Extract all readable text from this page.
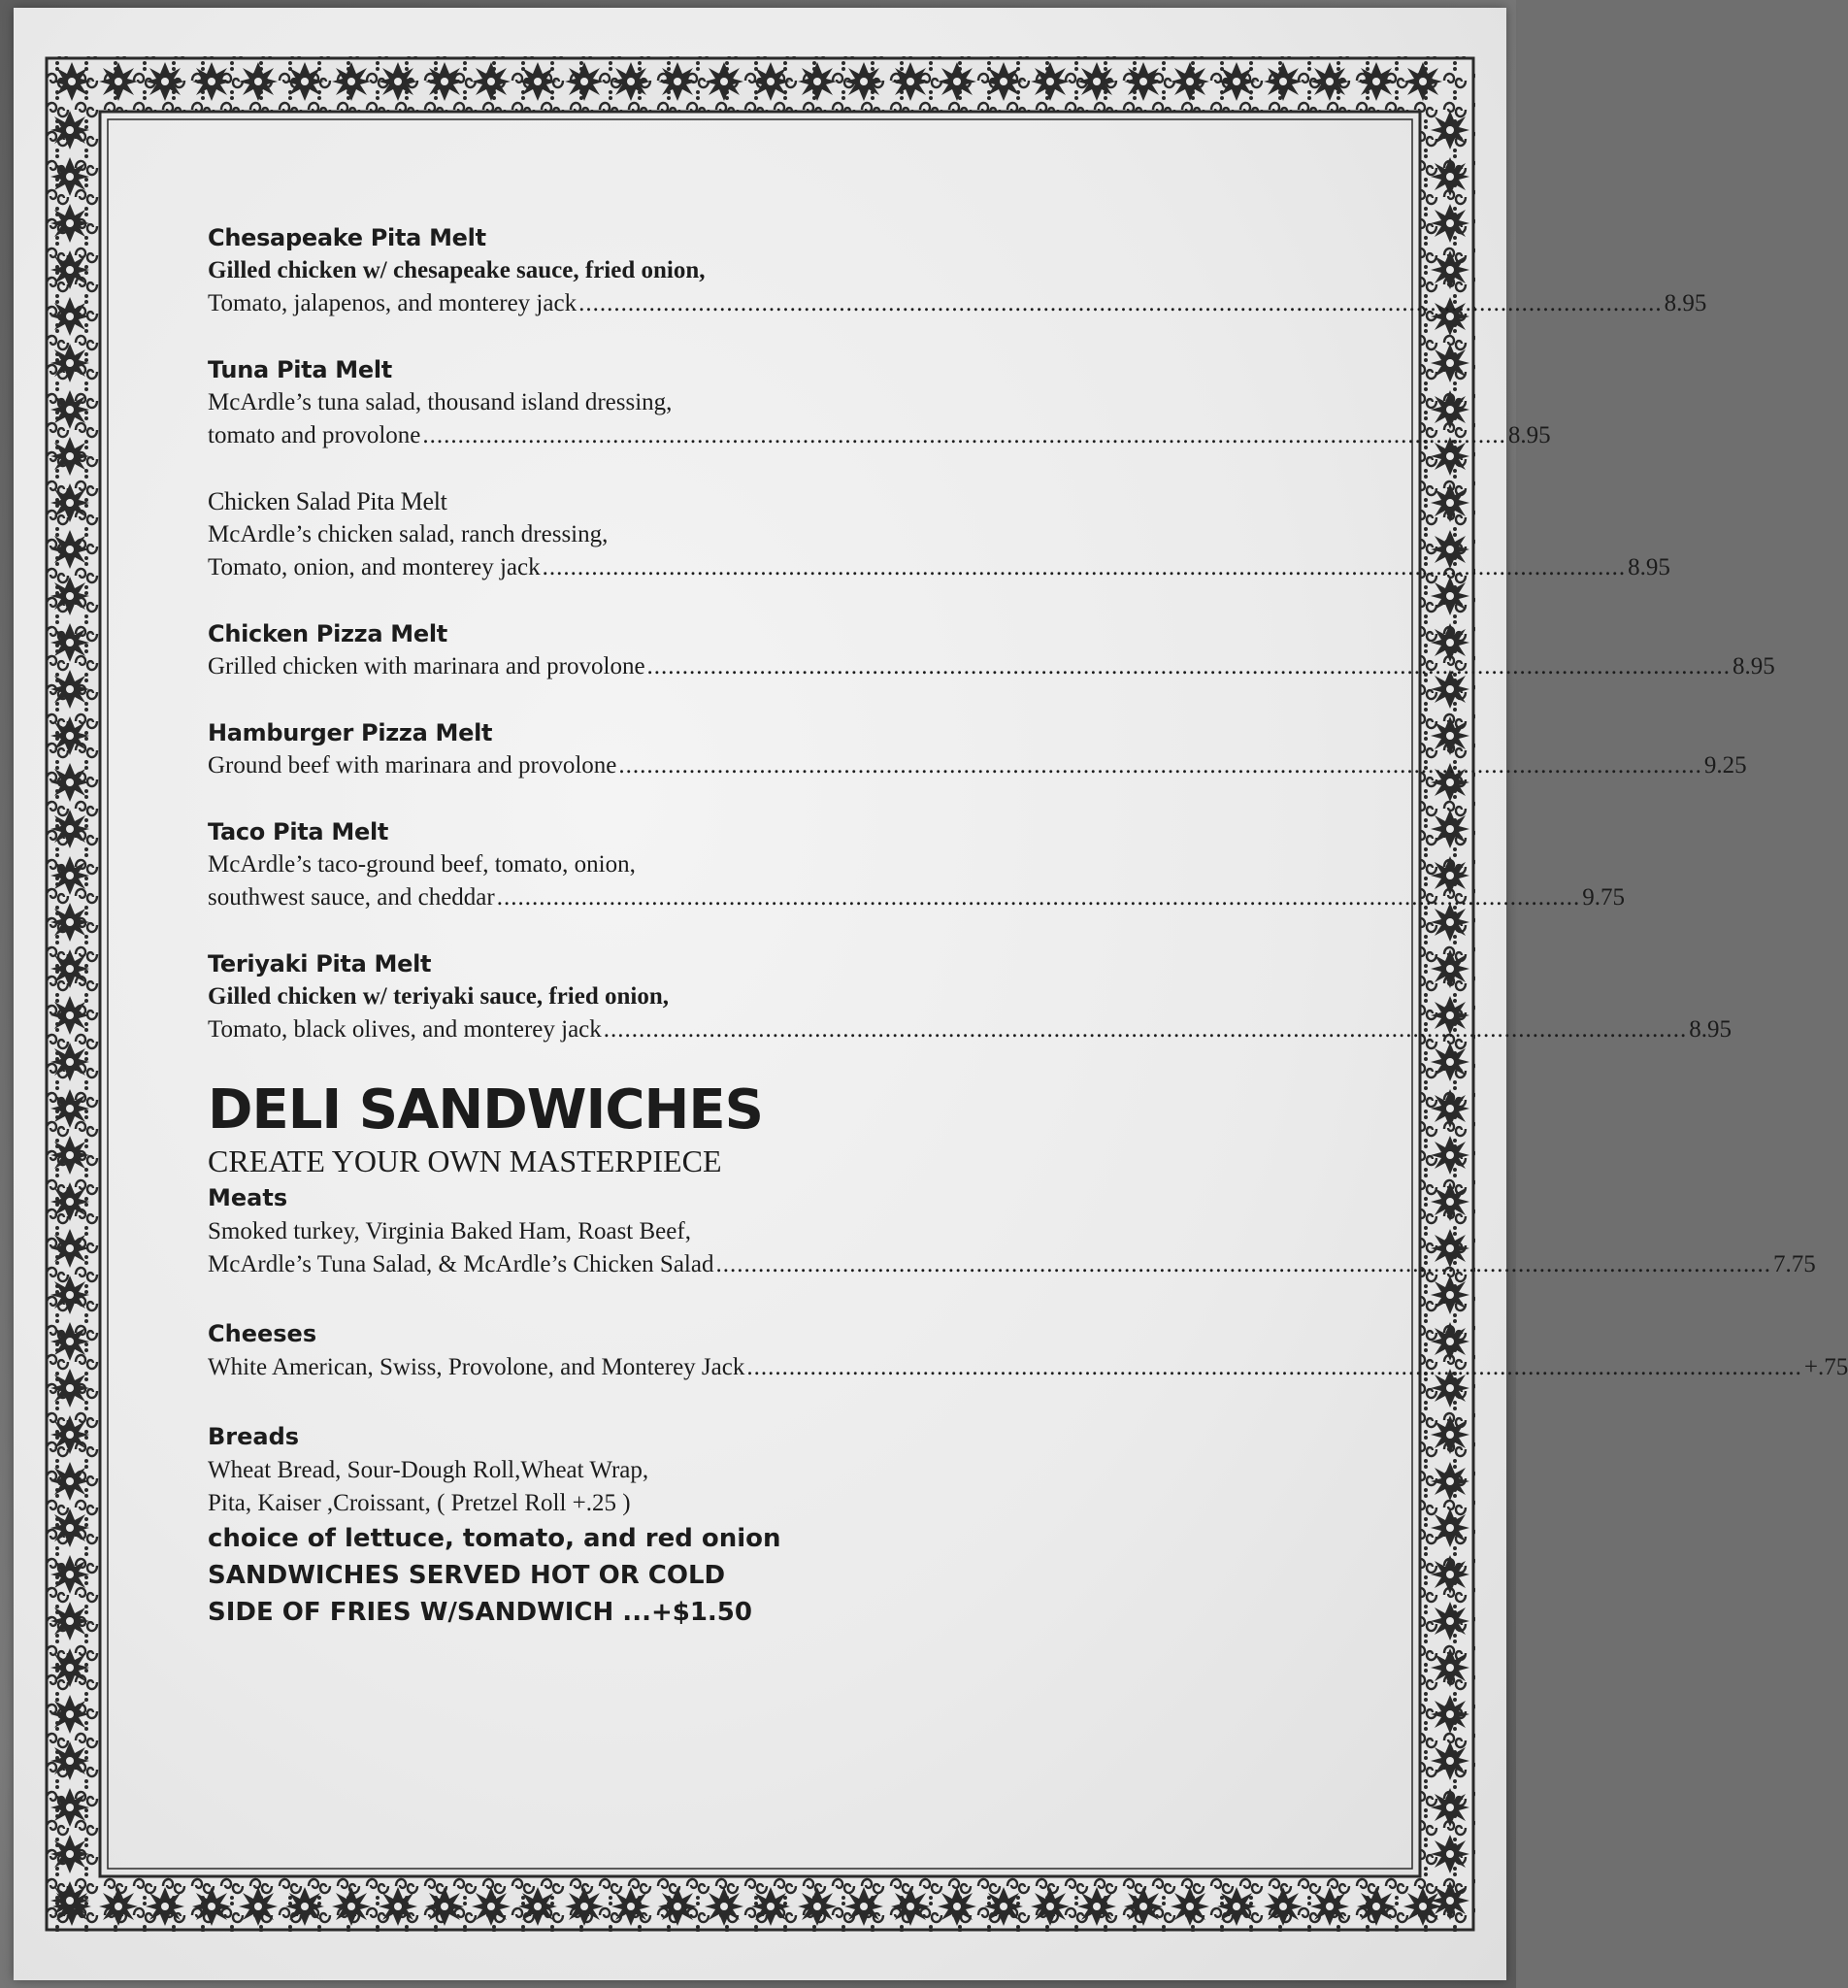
Chesapeake Pita Melt
Gilled chicken w/ chesapeake sauce, fried onion,
Tomato, jalapenos, and monterey jack .......................................................................................................................................................... 8.95
Tuna Pita Melt
McArdle’s tuna salad, thousand island dressing,
tomato and provolone .......................................................................................................................................................... 8.95
Chicken Salad Pita Melt
McArdle’s chicken salad, ranch dressing,
Tomato, onion, and monterey jack .......................................................................................................................................................... 8.95
Chicken Pizza Melt
Grilled chicken with marinara and provolone .......................................................................................................................................................... 8.95
Hamburger Pizza Melt
Ground beef with marinara and provolone .......................................................................................................................................................... 9.25
Taco Pita Melt
McArdle’s taco-ground beef, tomato, onion,
southwest sauce, and cheddar .......................................................................................................................................................... 9.75
Teriyaki Pita Melt
Gilled chicken w/ teriyaki sauce, fried onion,
Tomato, black olives, and monterey jack .......................................................................................................................................................... 8.95
DELI SANDWICHES
CREATE YOUR OWN MASTERPIECE
Meats
Smoked turkey, Virginia Baked Ham, Roast Beef,
McArdle’s Tuna Salad, & McArdle’s Chicken Salad ...................................................................................................................................................... 7.75
Cheeses
White American, Swiss, Provolone, and Monterey Jack ...................................................................................................................................................... +.75
Breads
Wheat Bread, Sour-Dough Roll,Wheat Wrap,
Pita, Kaiser ,Croissant, ( Pretzel Roll +.25 )
choice of lettuce, tomato, and red onion
SANDWICHES SERVED HOT OR COLD
SIDE OF FRIES W/SANDWICH ...+$1.50
